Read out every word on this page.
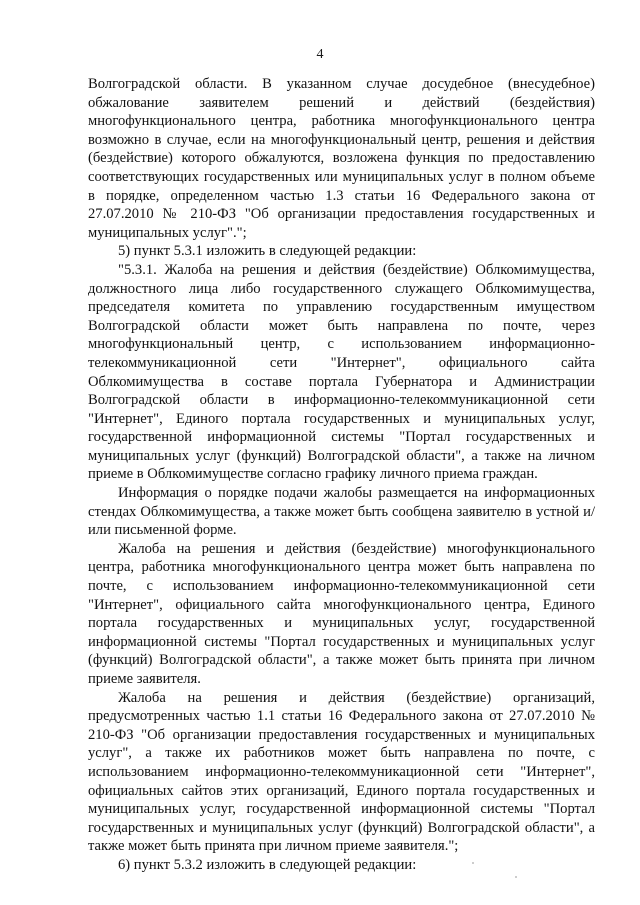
4

Волгоградской области. В указанном случае досудебное (внесудебное) обжалование заявителем решений и действий (бездействия) многофункционального центра, работника многофункционального центра возможно в случае, если на многофункциональный центр, решения и действия (бездействие) которого обжалуются, возложена функция по предоставлению соответствующих государственных или муниципальных услуг в полном объеме в порядке, определенном частью 1.3 статьи 16 Федерального закона от 27.07.2010 № 210-ФЗ "Об организации предоставления государственных и муниципальных услуг".";

5) пункт 5.3.1 изложить в следующей редакции:

"5.3.1. Жалоба на решения и действия (бездействие) Облкомимущества, должностного лица либо государственного служащего Облкомимущества, председателя комитета по управлению государственным имуществом Волгоградской области может быть направлена по почте, через многофункциональный центр, с использованием информационно-телекоммуникационной сети "Интернет", официального сайта Облкомимущества в составе портала Губернатора и Администрации Волгоградской области в информационно-телекоммуникационной сети "Интернет", Единого портала государственных и муниципальных услуг, государственной информационной системы "Портал государственных и муниципальных услуг (функций) Волгоградской области", а также на личном приеме в Облкомимуществе согласно графику личного приема граждан.

Информация о порядке подачи жалобы размещается на информационных стендах Облкомимущества, а также может быть сообщена заявителю в устной и/или письменной форме.

Жалоба на решения и действия (бездействие) многофункционального центра, работника многофункционального центра может быть направлена по почте, с использованием информационно-телекоммуникационной сети "Интернет", официального сайта многофункционального центра, Единого портала государственных и муниципальных услуг, государственной информационной системы "Портал государственных и муниципальных услуг (функций) Волгоградской области", а также может быть принята при личном приеме заявителя.

Жалоба на решения и действия (бездействие) организаций, предусмотренных частью 1.1 статьи 16 Федерального закона от 27.07.2010 № 210-ФЗ "Об организации предоставления государственных и муниципальных услуг", а также их работников может быть направлена по почте, с использованием информационно-телекоммуникационной сети "Интернет", официальных сайтов этих организаций, Единого портала государственных и муниципальных услуг, государственной информационной системы "Портал государственных и муниципальных услуг (функций) Волгоградской области", а также может быть принята при личном приеме заявителя.";

6) пункт 5.3.2 изложить в следующей редакции:
